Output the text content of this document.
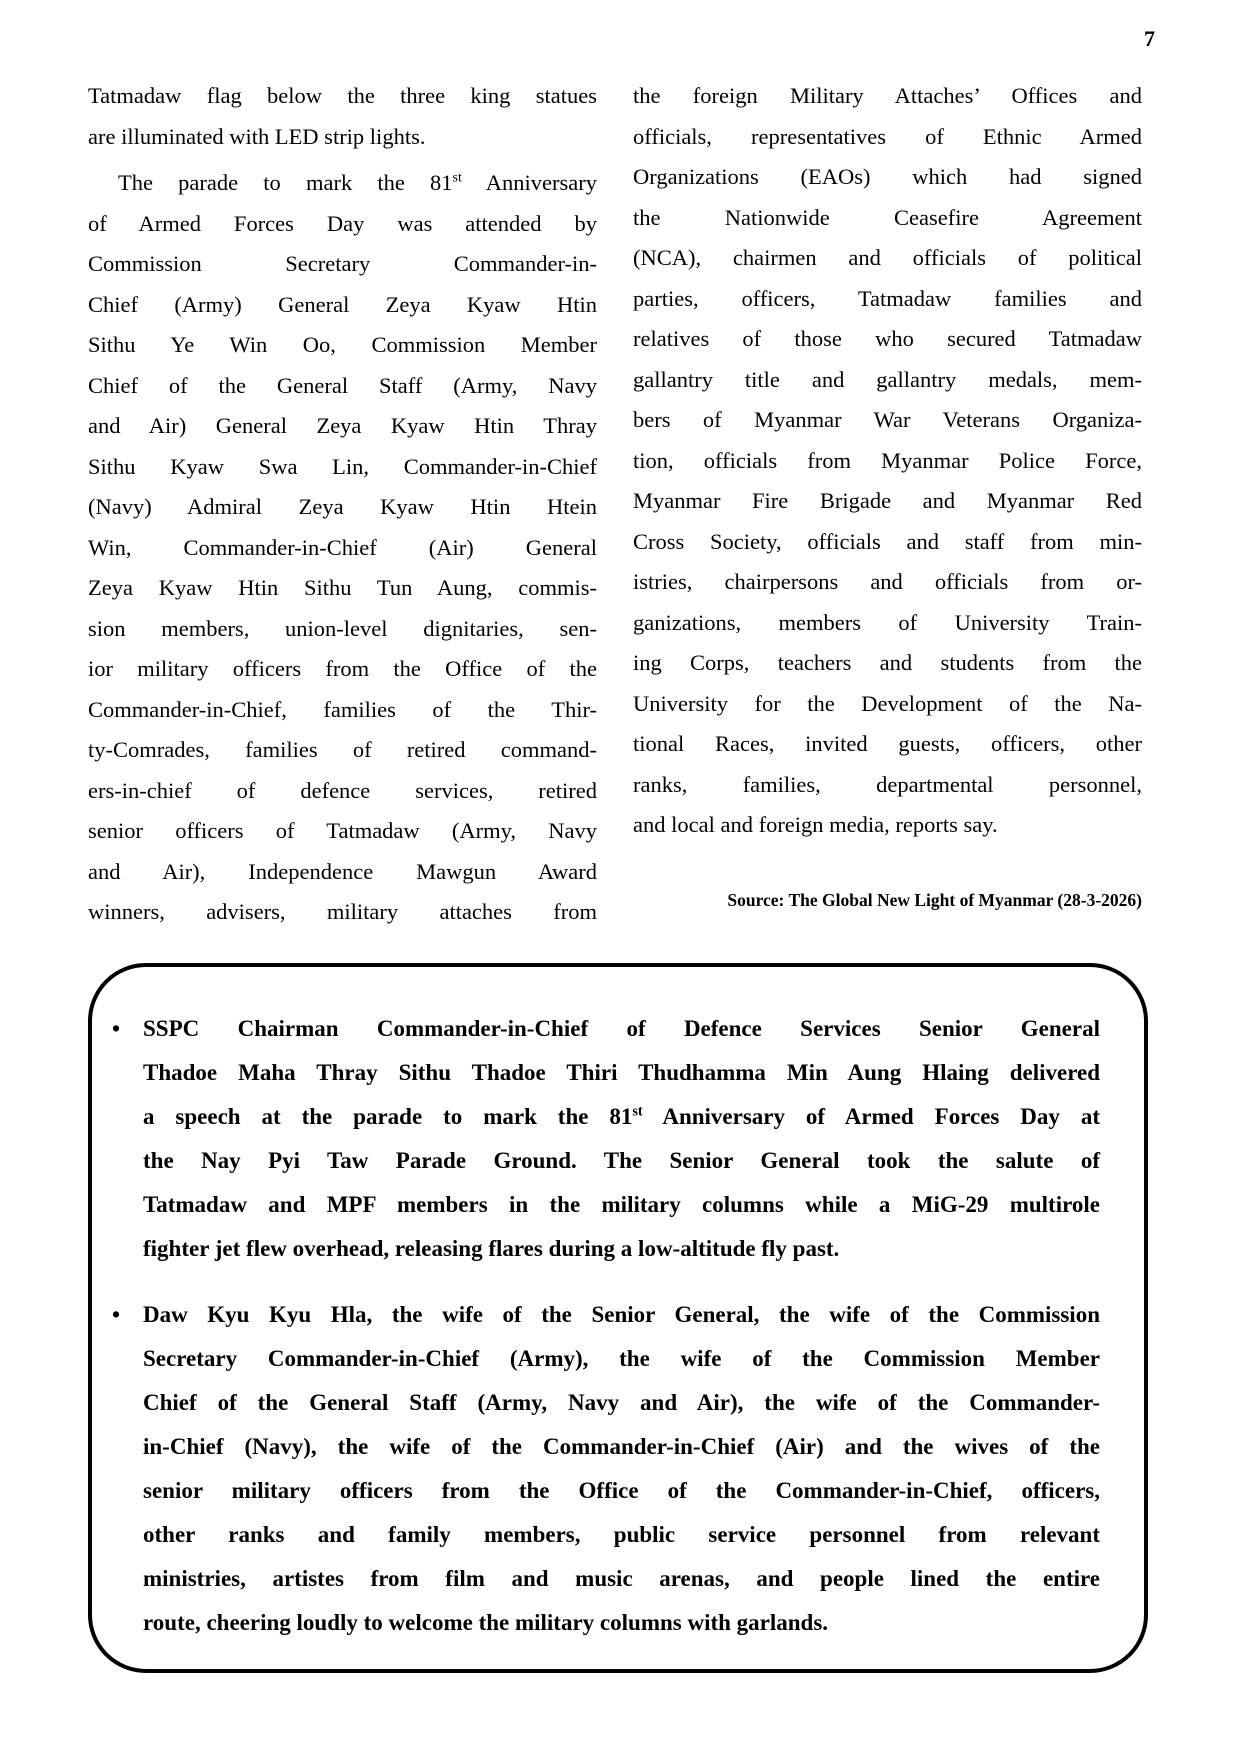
7
Tatmadaw flag below the three king statues
are illuminated with LED strip lights.
The parade to mark the 81st Anniversary
of Armed Forces Day was attended by
Commission Secretary Commander-in-
Chief (Army) General Zeya Kyaw Htin
Sithu Ye Win Oo, Commission Member
Chief of the General Staff (Army, Navy
and Air) General Zeya Kyaw Htin Thray
Sithu Kyaw Swa Lin, Commander-in-Chief
(Navy) Admiral Zeya Kyaw Htin Htein
Win, Commander-in-Chief (Air) General
Zeya Kyaw Htin Sithu Tun Aung, commis-
sion members, union-level dignitaries, sen-
ior military officers from the Office of the
Commander-in-Chief, families of the Thir-
ty-Comrades, families of retired command-
ers-in-chief of defence services, retired
senior officers of Tatmadaw (Army, Navy
and Air), Independence Mawgun Award
winners, advisers, military attaches from
the foreign Military Attaches’ Offices and
officials, representatives of Ethnic Armed
Organizations (EAOs) which had signed
the Nationwide Ceasefire Agreement
(NCA), chairmen and officials of political
parties, officers, Tatmadaw families and
relatives of those who secured Tatmadaw
gallantry title and gallantry medals, mem-
bers of Myanmar War Veterans Organiza-
tion, officials from Myanmar Police Force,
Myanmar Fire Brigade and Myanmar Red
Cross Society, officials and staff from min-
istries, chairpersons and officials from or-
ganizations, members of University Train-
ing Corps, teachers and students from the
University for the Development of the Na-
tional Races, invited guests, officers, other
ranks, families, departmental personnel,
and local and foreign media, reports say.
Source: The Global New Light of Myanmar (28-3-2026)
• SSPC Chairman Commander-in-Chief of Defence Services Senior General
Thadoe Maha Thray Sithu Thadoe Thiri Thudhamma Min Aung Hlaing delivered
a speech at the parade to mark the 81st Anniversary of Armed Forces Day at
the Nay Pyi Taw Parade Ground. The Senior General took the salute of
Tatmadaw and MPF members in the military columns while a MiG-29 multirole
fighter jet flew overhead, releasing flares during a low-altitude fly past.
• Daw Kyu Kyu Hla, the wife of the Senior General, the wife of the Commission
Secretary Commander-in-Chief (Army), the wife of the Commission Member
Chief of the General Staff (Army, Navy and Air), the wife of the Commander-
in-Chief (Navy), the wife of the Commander-in-Chief (Air) and the wives of the
senior military officers from the Office of the Commander-in-Chief, officers,
other ranks and family members, public service personnel from relevant
ministries, artistes from film and music arenas, and people lined the entire
route, cheering loudly to welcome the military columns with garlands.
